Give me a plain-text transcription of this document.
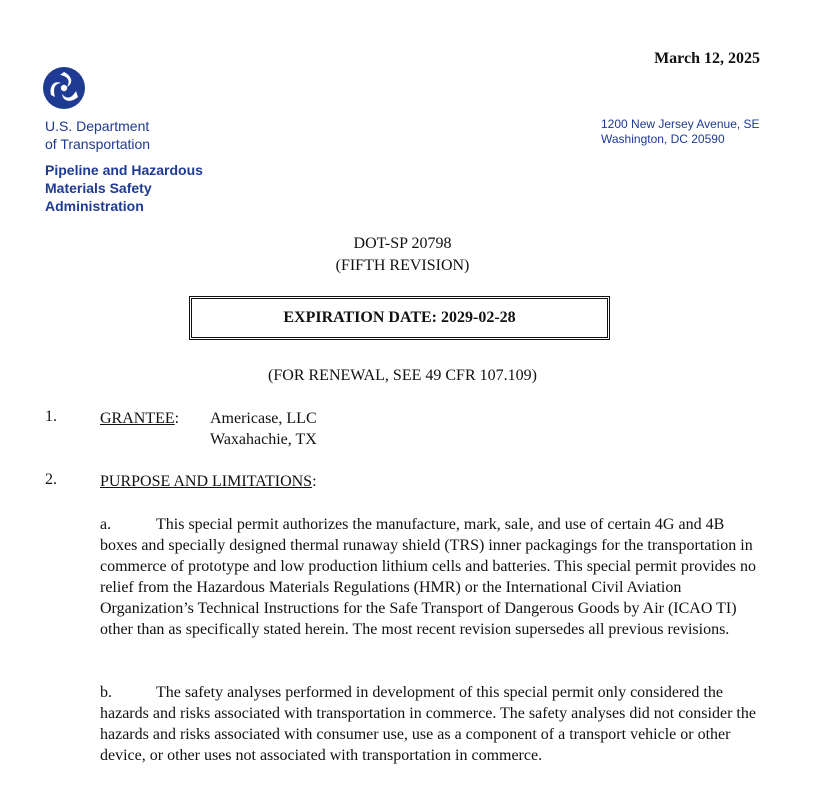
March 12, 2025
U.S. Department
of Transportation
Pipeline and Hazardous
Materials Safety
Administration
1200 New Jersey Avenue, SE
Washington, DC 20590
DOT-SP 20798
(FIFTH REVISION)
EXPIRATION DATE: 2029-02-28
(FOR RENEWAL, SEE 49 CFR 107.109)
1.	GRANTEE: Americase, LLC
Waxahachie, TX
2.	PURPOSE AND LIMITATIONS:
a.	This special permit authorizes the manufacture, mark, sale, and use of certain 4G and 4B boxes and specially designed thermal runaway shield (TRS) inner packagings for the transportation in commerce of prototype and low production lithium cells and batteries. This special permit provides no relief from the Hazardous Materials Regulations (HMR) or the International Civil Aviation Organization’s Technical Instructions for the Safe Transport of Dangerous Goods by Air (ICAO TI) other than as specifically stated herein. The most recent revision supersedes all previous revisions.
b.	The safety analyses performed in development of this special permit only considered the hazards and risks associated with transportation in commerce. The safety analyses did not consider the hazards and risks associated with consumer use, use as a component of a transport vehicle or other device, or other uses not associated with transportation in commerce.
